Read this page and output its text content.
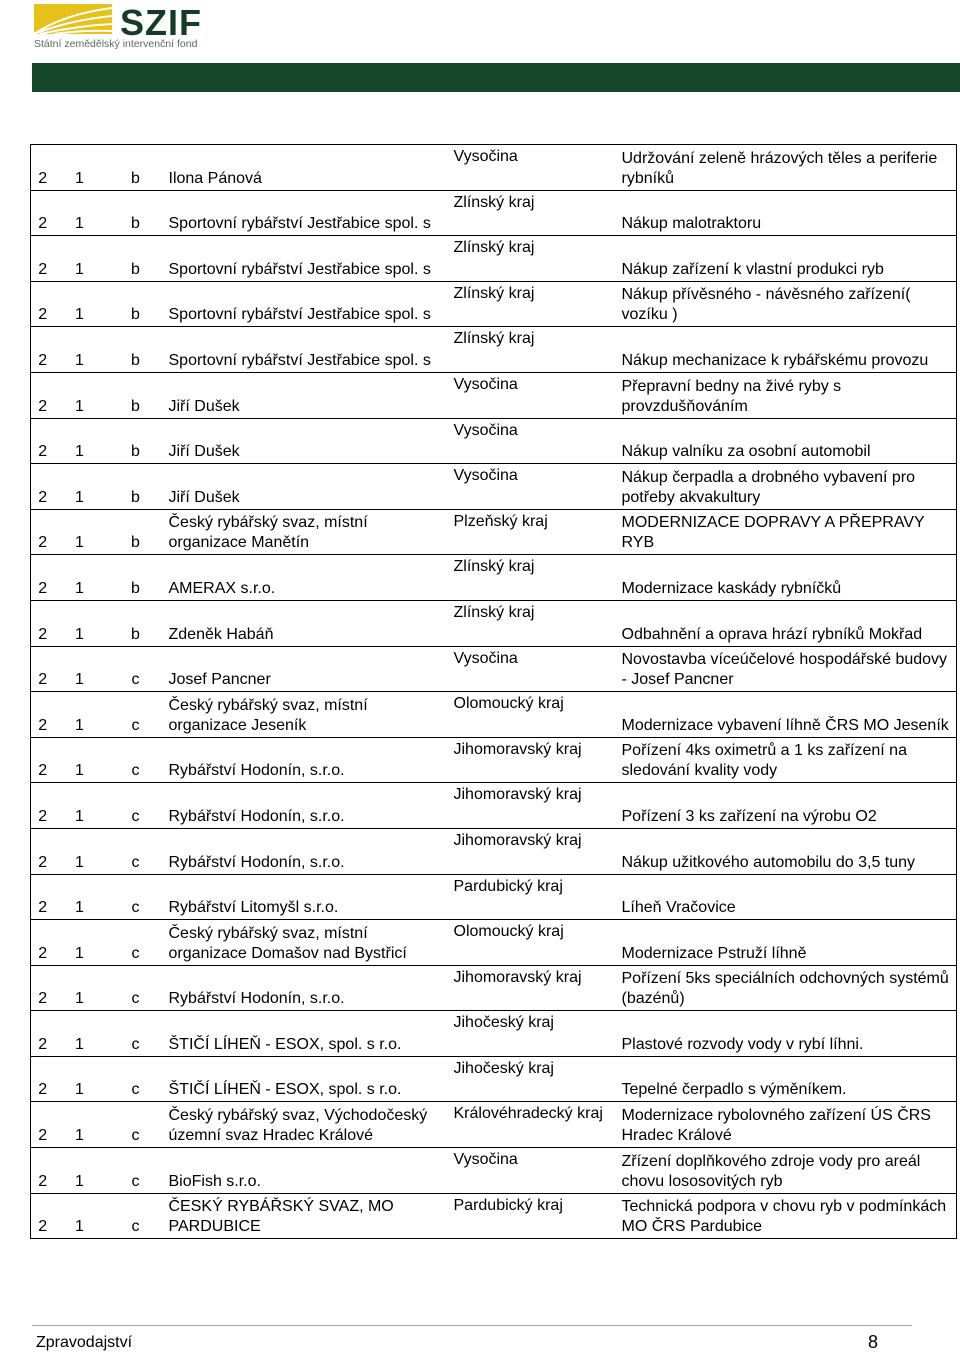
SZIF
Státní zemědělský intervenční fond
2	1	b	Ilona Pánová	Vysočina	Udržování zeleně hrázových těles a periferie rybníků
2	1	b	Sportovní rybářství Jestřabice spol. s	Zlínský kraj	Nákup malotraktoru
2	1	b	Sportovní rybářství Jestřabice spol. s	Zlínský kraj	Nákup zařízení k vlastní produkci ryb
2	1	b	Sportovní rybářství Jestřabice spol. s	Zlínský kraj	Nákup přívěsného - návěsného zařízení( vozíku )
2	1	b	Sportovní rybářství Jestřabice spol. s	Zlínský kraj	Nákup mechanizace k rybářskému provozu
2	1	b	Jiří Dušek	Vysočina	Přepravní bedny na živé ryby s provzdušňováním
2	1	b	Jiří Dušek	Vysočina	Nákup valníku za osobní automobil
2	1	b	Jiří Dušek	Vysočina	Nákup čerpadla a drobného vybavení pro potřeby akvakultury
2	1	b	Český rybářský svaz, místní organizace Manětín	Plzeňský kraj	MODERNIZACE DOPRAVY A PŘEPRAVY RYB
2	1	b	AMERAX s.r.o.	Zlínský kraj	Modernizace kaskády rybníčků
2	1	b	Zdeněk Habáň	Zlínský kraj	Odbahnění a oprava hrází rybníků Mokřad
2	1	c	Josef Pancner	Vysočina	Novostavba víceúčelové hospodářské budovy - Josef Pancner
2	1	c	Český rybářský svaz, místní organizace Jeseník	Olomoucký kraj	Modernizace vybavení líhně ČRS MO Jeseník
2	1	c	Rybářství Hodonín, s.r.o.	Jihomoravský kraj	Pořízení 4ks oximetrů a 1 ks zařízení na sledování kvality vody
2	1	c	Rybářství Hodonín, s.r.o.	Jihomoravský kraj	Pořízení 3 ks zařízení na výrobu O2
2	1	c	Rybářství Hodonín, s.r.o.	Jihomoravský kraj	Nákup užitkového automobilu do 3,5 tuny
2	1	c	Rybářství Litomyšl s.r.o.	Pardubický kraj	Líheň Vračovice
2	1	c	Český rybářský svaz, místní organizace Domašov nad Bystřicí	Olomoucký kraj	Modernizace Pstruží líhně
2	1	c	Rybářství Hodonín, s.r.o.	Jihomoravský kraj	Pořízení 5ks speciálních odchovných systémů (bazénů)
2	1	c	ŠTIČÍ LÍHEŇ - ESOX, spol. s r.o.	Jihočeský kraj	Plastové rozvody vody v rybí líhni.
2	1	c	ŠTIČÍ LÍHEŇ - ESOX, spol. s r.o.	Jihočeský kraj	Tepelné čerpadlo s výměníkem.
2	1	c	Český rybářský svaz, Východočeský územní svaz Hradec Králové	Královéhradecký kraj	Modernizace rybolovného zařízení ÚS ČRS Hradec Králové
2	1	c	BioFish s.r.o.	Vysočina	Zřízení doplňkového zdroje vody pro areál chovu lososovitých ryb
2	1	c	ČESKÝ RYBÁŘSKÝ SVAZ, MO PARDUBICE	Pardubický kraj	Technická podpora v chovu ryb v podmínkách MO ČRS Pardubice
Zpravodajství	8
